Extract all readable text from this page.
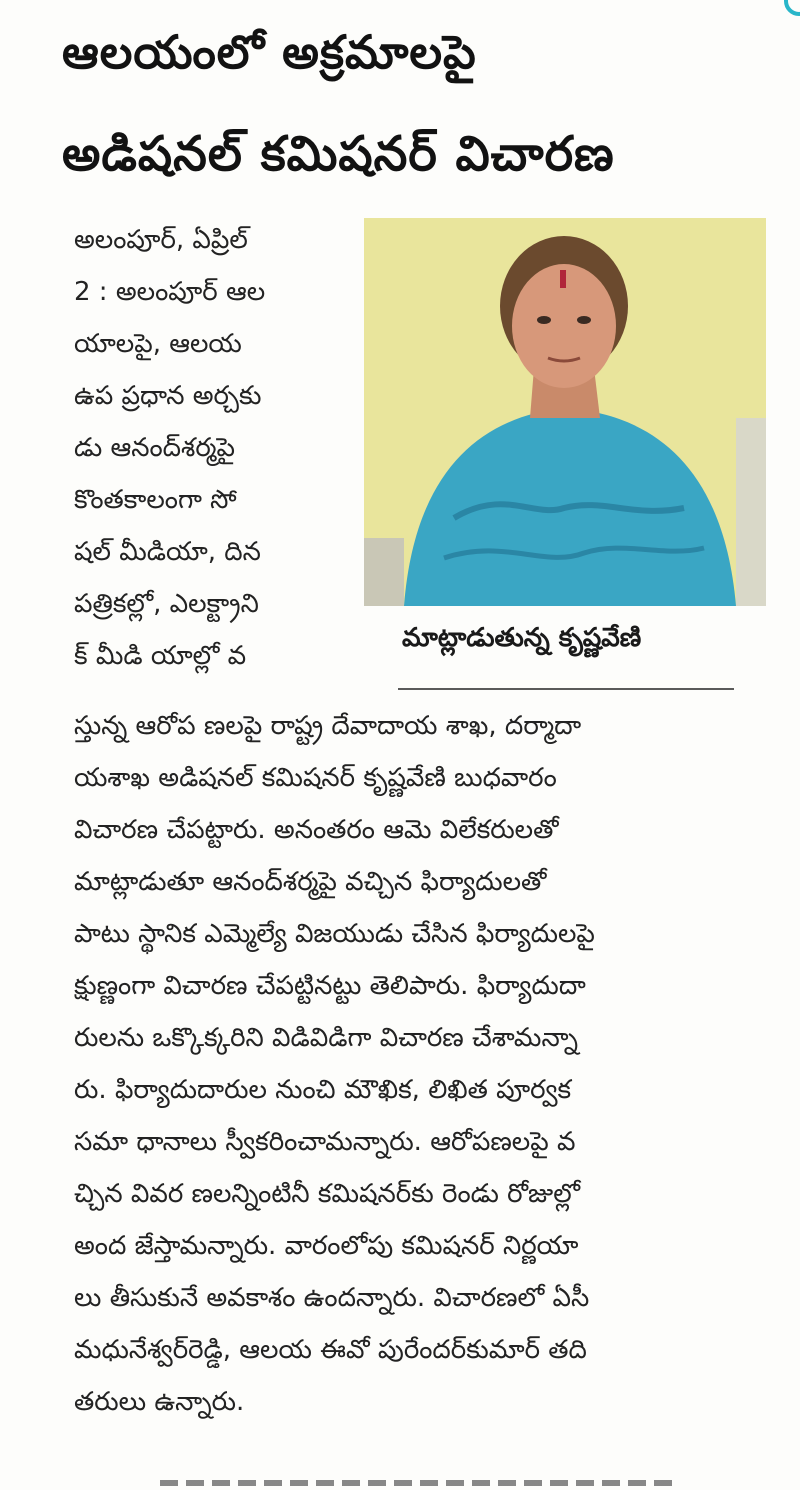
ఆలయంలో అక్రమాలపై
అడిషనల్ కమిషనర్ విచారణ
అలంపూర్, ఏప్రిల్
2 : అలంపూర్ ఆల
యాలపై, ఆలయ
ఉప ప్రధాన అర్చకు
డు ఆనంద్‌శర్మపై
కొంతకాలంగా సో
షల్ మీడియా, దిన
పత్రికల్లో, ఎలక్ట్రాని
క్ మీడి యాల్లో వ
మాట్లాడుతున్న కృష్ణవేణి
స్తున్న ఆరోప ణలపై రాష్ట్ర దేవాదాయ శాఖ, దర్మాదా
యశాఖ అడిషనల్ కమిషనర్ కృష్ణవేణి బుధవారం
విచారణ చేపట్టారు. అనంతరం ఆమె విలేకరులతో
మాట్లాడుతూ ఆనంద్‌శర్మపై వచ్చిన ఫిర్యాదులతో
పాటు స్థానిక ఎమ్మెల్యే విజయుడు చేసిన ఫిర్యాదులపై
క్షుణ్ణంగా విచారణ చేపట్టినట్టు తెలిపారు. ఫిర్యాదుదా
రులను ఒక్కొక్కరిని విడివిడిగా విచారణ చేశామన్నా
రు. ఫిర్యాదుదారుల నుంచి మౌఖిక, లిఖిత పూర్వక
సమా ధానాలు స్వీకరించామన్నారు. ఆరోపణలపై వ
చ్చిన వివర ణలన్నింటినీ కమిషనర్‌కు రెండు రోజుల్లో
అంద జేస్తామన్నారు. వారంలోపు కమిషనర్ నిర్ణయా
లు తీసుకునే అవకాశం ఉందన్నారు. విచారణలో ఏసీ
మధునేశ్వర్‌రెడ్డి, ఆలయ ఈవో పురేందర్‌కుమార్ తది
తరులు ఉన్నారు.
